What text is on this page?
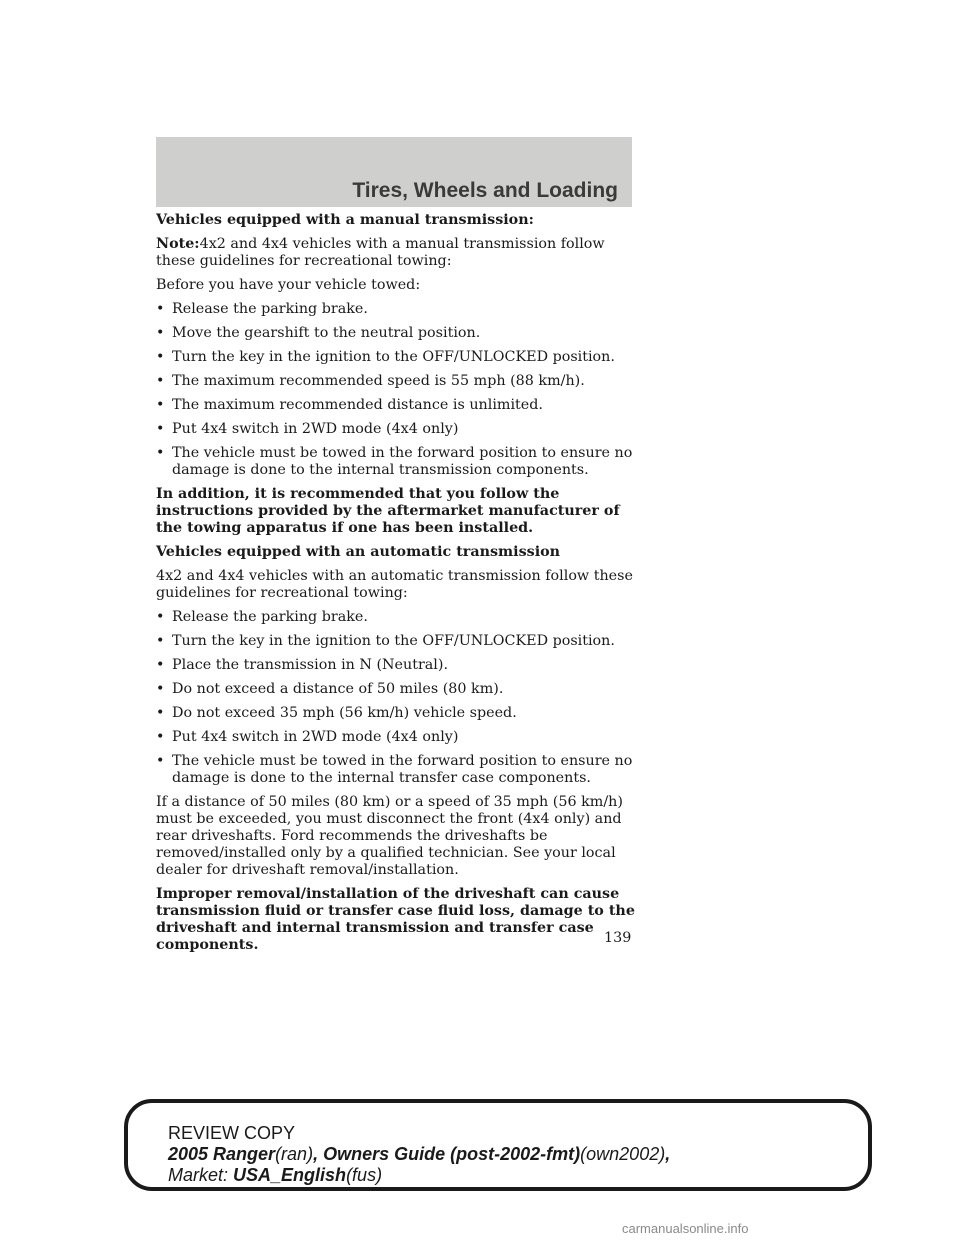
Tires, Wheels and Loading

Vehicles equipped with a manual transmission:

Note:4x2 and 4x4 vehicles with a manual transmission follow these guidelines for recreational towing:

Before you have your vehicle towed:

• Release the parking brake.
• Move the gearshift to the neutral position.
• Turn the key in the ignition to the OFF/UNLOCKED position.
• The maximum recommended speed is 55 mph (88 km/h).
• The maximum recommended distance is unlimited.
• Put 4x4 switch in 2WD mode (4x4 only)
• The vehicle must be towed in the forward position to ensure no damage is done to the internal transmission components.

In addition, it is recommended that you follow the instructions provided by the aftermarket manufacturer of the towing apparatus if one has been installed.

Vehicles equipped with an automatic transmission

4x2 and 4x4 vehicles with an automatic transmission follow these guidelines for recreational towing:

• Release the parking brake.
• Turn the key in the ignition to the OFF/UNLOCKED position.
• Place the transmission in N (Neutral).
• Do not exceed a distance of 50 miles (80 km).
• Do not exceed 35 mph (56 km/h) vehicle speed.
• Put 4x4 switch in 2WD mode (4x4 only)
• The vehicle must be towed in the forward position to ensure no damage is done to the internal transfer case components.

If a distance of 50 miles (80 km) or a speed of 35 mph (56 km/h) must be exceeded, you must disconnect the front (4x4 only) and rear driveshafts. Ford recommends the driveshafts be removed/installed only by a qualified technician. See your local dealer for driveshaft removal/installation.

Improper removal/installation of the driveshaft can cause transmission fluid or transfer case fluid loss, damage to the driveshaft and internal transmission and transfer case components.	139
REVIEW COPY
2005 Ranger(ran), Owners Guide (post-2002-fmt)(own2002),
Market: USA_English(fus)
carmanualsonline.info
